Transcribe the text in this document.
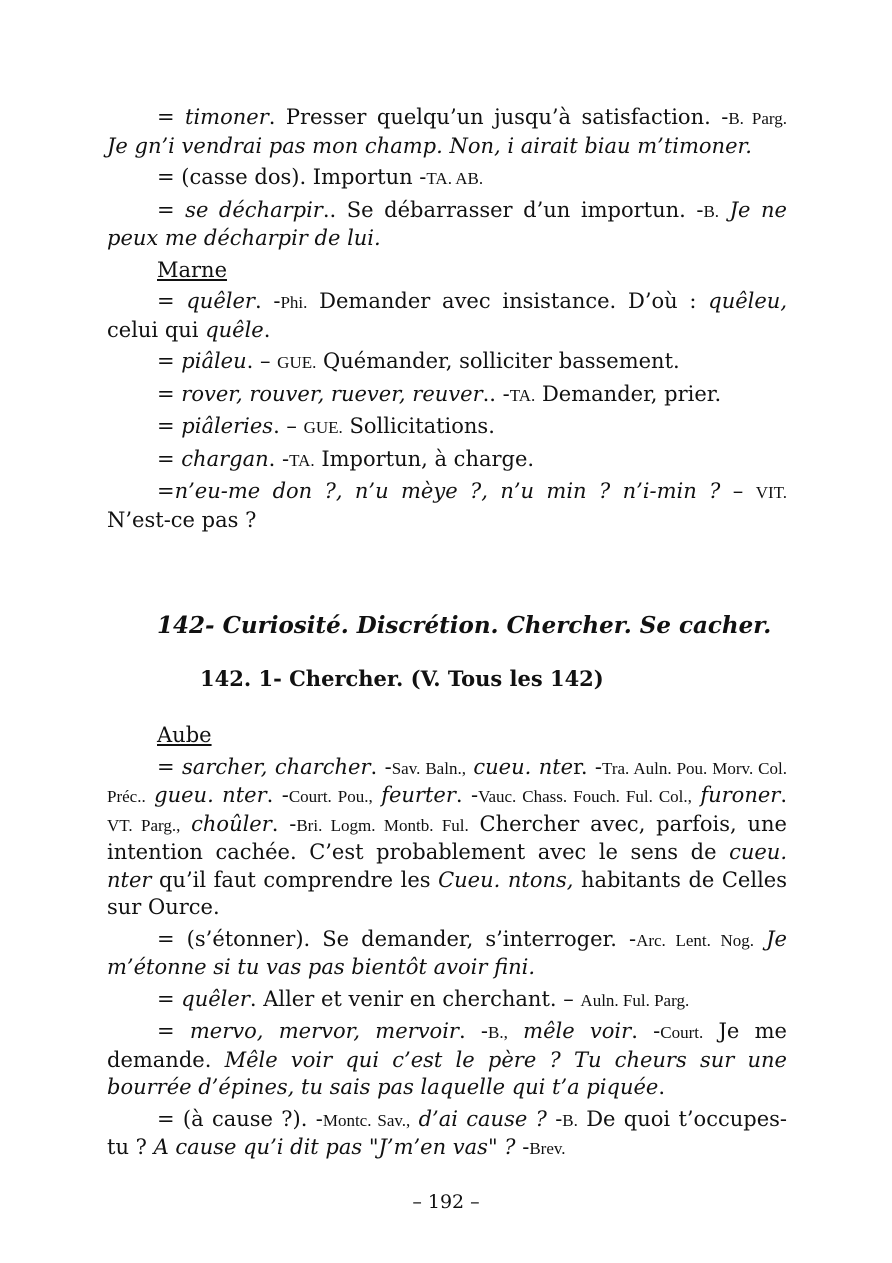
= timoner. Presser quelqu’un jusqu’à satisfaction. -B. Parg. Je gn’i vendrai pas mon champ. Non, i airait biau m’timoner.

= (casse dos). Importun -TA. AB.

= se décharpir.. Se débarrasser d’un importun. -B. Je ne peux me décharpir de lui.

Marne

= quêler. -Phi. Demander avec insistance. D’où : quêleu, celui qui quêle.

= piâleu. – GUE. Quémander, solliciter bassement.

= rover, rouver, ruever, reuver.. -TA. Demander, prier.

= piâleries. – GUE. Sollicitations.

= chargan. -TA. Importun, à charge.

=n’eu-me don ?, n’u mèye ?, n’u min ? n’i-min ? – VIT. N’est-ce pas ?

142- Curiosité. Discrétion. Chercher. Se cacher.
142. 1- Chercher. (V. Tous les 142)
Aube

= sarcher, charcher. -Sav. Baln., cueu. nter. -Tra. Auln. Pou. Morv. Col. Préc.. gueu. nter. -Court. Pou., feurter. -Vauc. Chass. Fouch. Ful. Col., furoner. VT. Parg., choûler. -Bri. Logm. Montb. Ful. Chercher avec, parfois, une intention cachée. C’est probablement avec le sens de cueu. nter qu’il faut comprendre les Cueu. ntons, habitants de Celles sur Ource.

= (s’étonner). Se demander, s’interroger. -Arc. Lent. Nog. Je m’étonne si tu vas pas bientôt avoir fini.

= quêler. Aller et venir en cherchant. – Auln. Ful. Parg.

= mervo, mervor, mervoir. -B., mêle voir. -Court. Je me demande. Mêle voir qui c’est le père ? Tu cheurs sur une bourrée d’épines, tu sais pas laquelle qui t’a piquée.

= (à cause ?). -Montc. Sav., d’ai cause ? -B. De quoi t’occupes-tu ? A cause qu’i dit pas "J’m’en vas" ? -Brev.

– 192 –
